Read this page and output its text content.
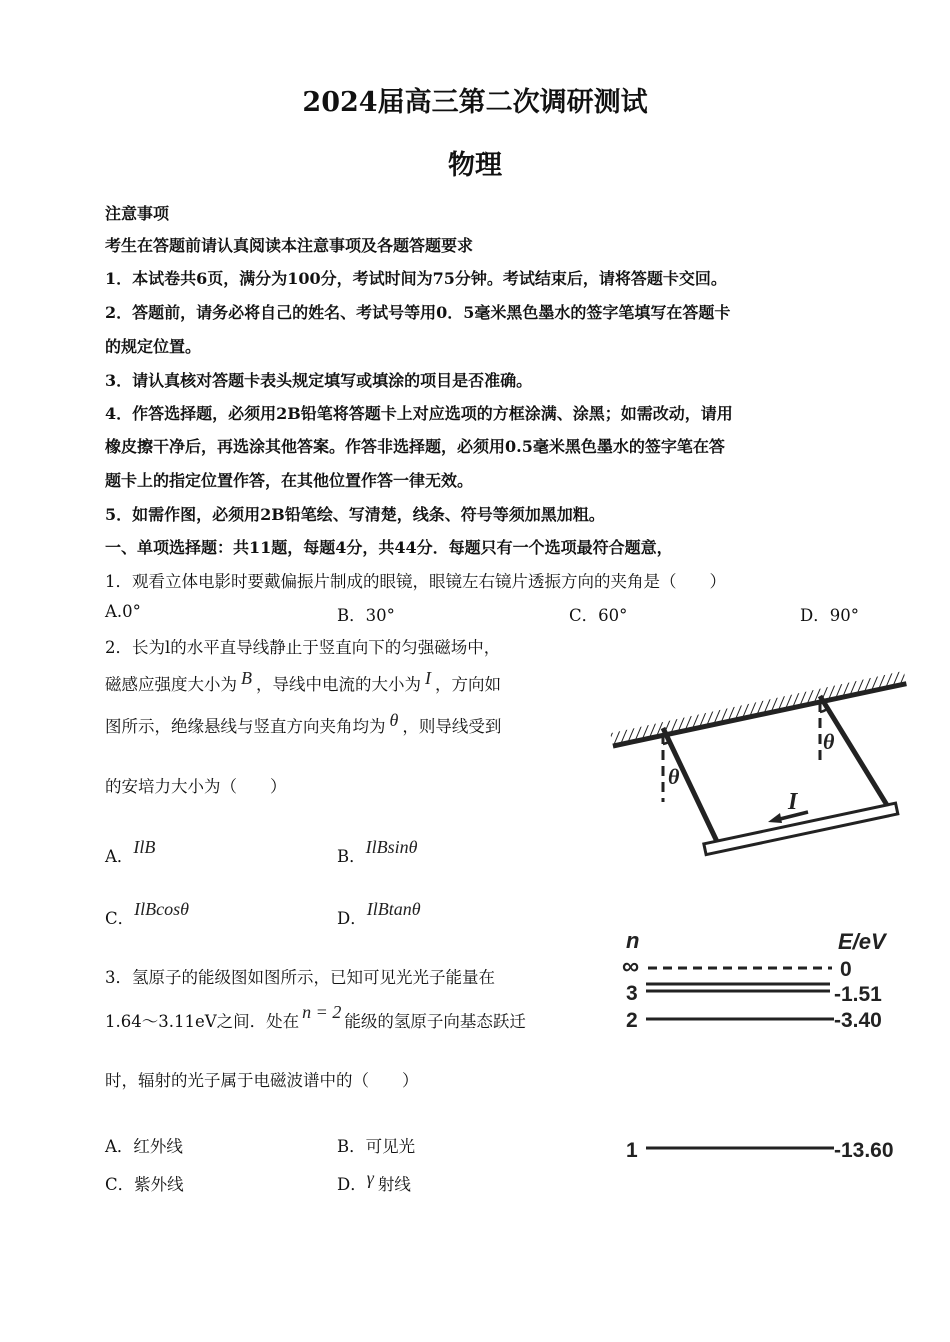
2024届高三第二次调研测试
物理
注意事项
考生在答题前请认真阅读本注意事项及各题答题要求
1．本试卷共6页，满分为100分，考试时间为75分钟。考试结束后，请将答题卡交回。
2．答题前，请务必将自己的姓名、考试号等用0．5毫米黑色墨水的签字笔填写在答题卡
的规定位置。
3．请认真核对答题卡表头规定填写或填涂的项目是否准确。
4．作答选择题，必须用2B铅笔将答题卡上对应选项的方框涂满、涂黑；如需改动，请用
橡皮擦干净后，再选涂其他答案。作答非选择题，必须用0.5毫米黑色墨水的签字笔在答
题卡上的指定位置作答，在其他位置作答一律无效。
5．如需作图，必须用2B铅笔绘、写清楚，线条、符号等须加黑加粗。
一、单项选择题：共11题，每题4分，共44分．每题只有一个选项最符合题意，
1．观看立体电影时要戴偏振片制成的眼镜，眼镜左右镜片透振方向的夹角是（　　）
A.0°	B．30°	C．60°	D．90°
2．长为l的水平直导线静止于竖直向下的匀强磁场中，
磁感应强度大小为 B ，导线中电流的大小为 I ，方向如
图所示，绝缘悬线与竖直方向夹角均为 θ ，则导线受到
的安培力大小为（　　）
A．IlB	B．IlBsinθ
C．IlBcosθ	D．IlBtanθ
θ
θ
I
3．氢原子的能级图如图所示，已知可见光光子能量在
1.64～3.11eV之间．处在 n = 2 能级的氢原子向基态跃迁
时，辐射的光子属于电磁波谱中的（　　）
A．红外线	B．可见光
C．紫外线	D．γ 射线
n	E/eV
∞	0
3	-1.51
2	-3.40
1	-13.60
